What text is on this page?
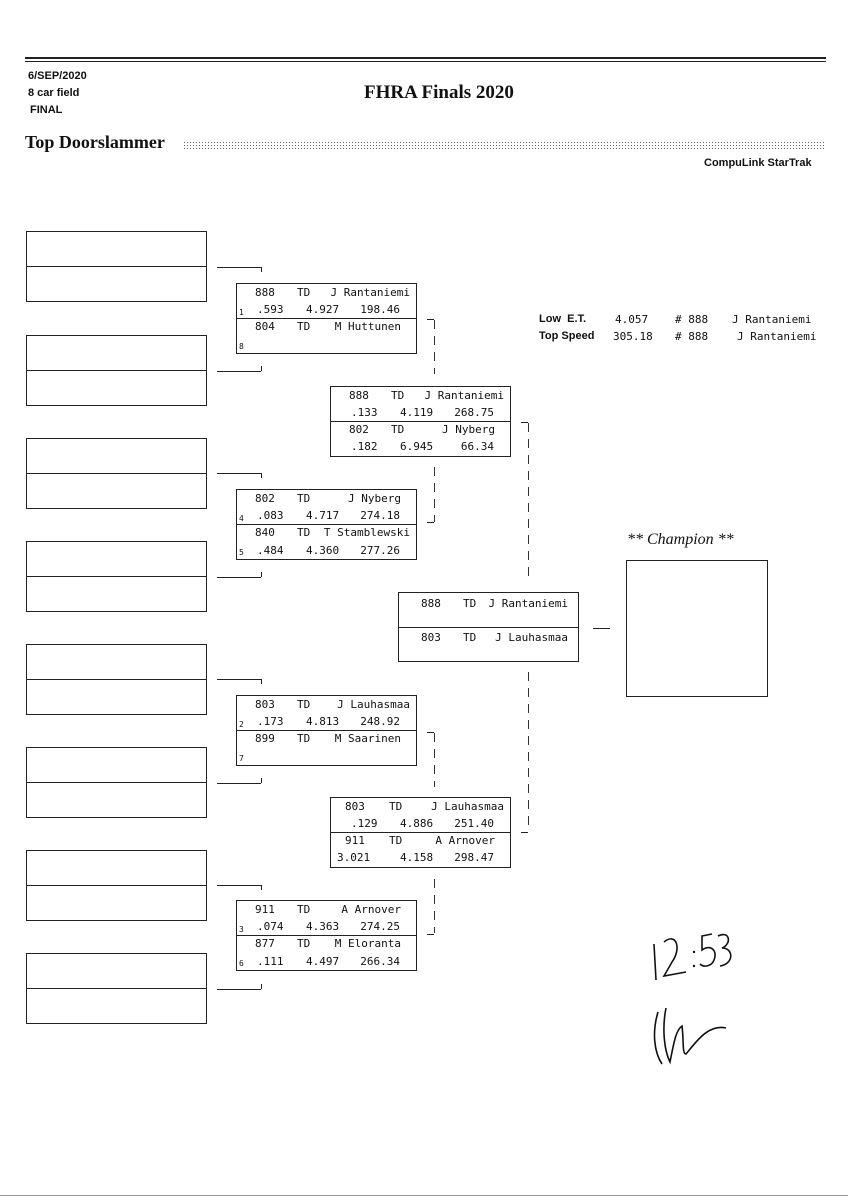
6/SEP/2020
8 car field
FINAL
FHRA Finals 2020
Top Doorslammer
CompuLink StarTrak
888 TD J Rantaniemi
1 .593 4.927 198.46
804 TD M Huttunen
8
802 TD	J Nyberg
4 .083 4.717 274.18
840 TD T Stamblewski
5 .484 4.360 277.26
803 TD J Lauhasmaa
2 .173 4.813 248.92
899 TD M Saarinen
7
911 TD	A Arnover
3 .074 4.363 274.25
877 TD M Eloranta
6 .111 4.497 266.34
888 TD J Rantaniemi
.133 4.119 268.75
802 TD	J Nyberg
.182 6.945	66.34
803 TD	J Lauhasmaa
.129 4.886 251.40
911 TD	A Arnover
3.021	4.158 298.47
888 TD J Rantaniemi
803 TD J Lauhasmaa
** Champion **
Low  E.T.	4.057 # 888 J Rantaniemi
Top Speed 305.18 # 888	J Rantaniemi
